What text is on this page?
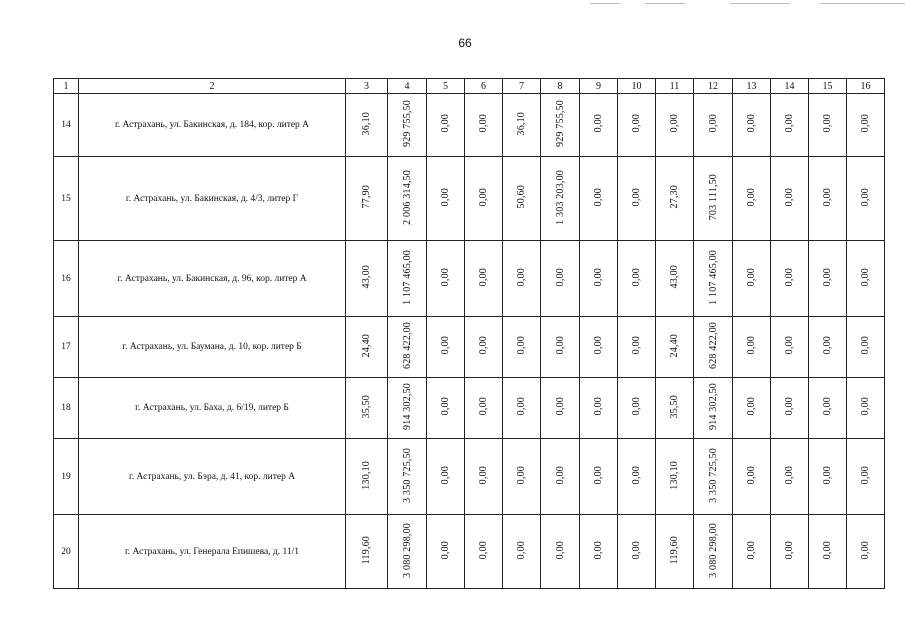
66
1	2	3	4	5	6	7	8	9	10	11	12	13	14	15	16
14	г. Астрахань, ул. Бакинская, д. 184, кор. литер А	36,10	929 755,50	0,00	0,00	36,10	929 755,50	0,00	0,00	0,00	0,00	0,00	0,00	0,00	0,00
15	г. Астрахань, ул. Бакинская, д. 4/3, литер Г	77,90	2 006 314,50	0,00	0,00	50,60	1 303 203,00	0,00	0,00	27,30	703 111,50	0,00	0,00	0,00	0,00
16	г. Астрахань, ул. Бакинская, д. 96, кор. литер А	43,00	1 107 465,00	0,00	0,00	0,00	0,00	0,00	0,00	43,00	1 107 465,00	0,00	0,00	0,00	0,00
17	г. Астрахань, ул. Баумана, д. 10, кор. литер Б	24,40	628 422,00	0,00	0,00	0,00	0,00	0,00	0,00	24,40	628 422,00	0,00	0,00	0,00	0,00
18	г. Астрахань, ул. Баха, д. 6/19, литер Б	35,50	914 302,50	0,00	0,00	0,00	0,00	0,00	0,00	35,50	914 302,50	0,00	0,00	0,00	0,00
19	г. Астрахань, ул. Бэра, д. 41, кор. литер А	130,10	3 350 725,50	0,00	0,00	0,00	0,00	0,00	0,00	130,10	3 350 725,50	0,00	0,00	0,00	0,00
20	г. Астрахань, ул. Генерала Епишева, д. 11/1	119,60	3 080 298,00	0,00	0,00	0,00	0,00	0,00	0,00	119,60	3 080 298,00	0,00	0,00	0,00	0,00
